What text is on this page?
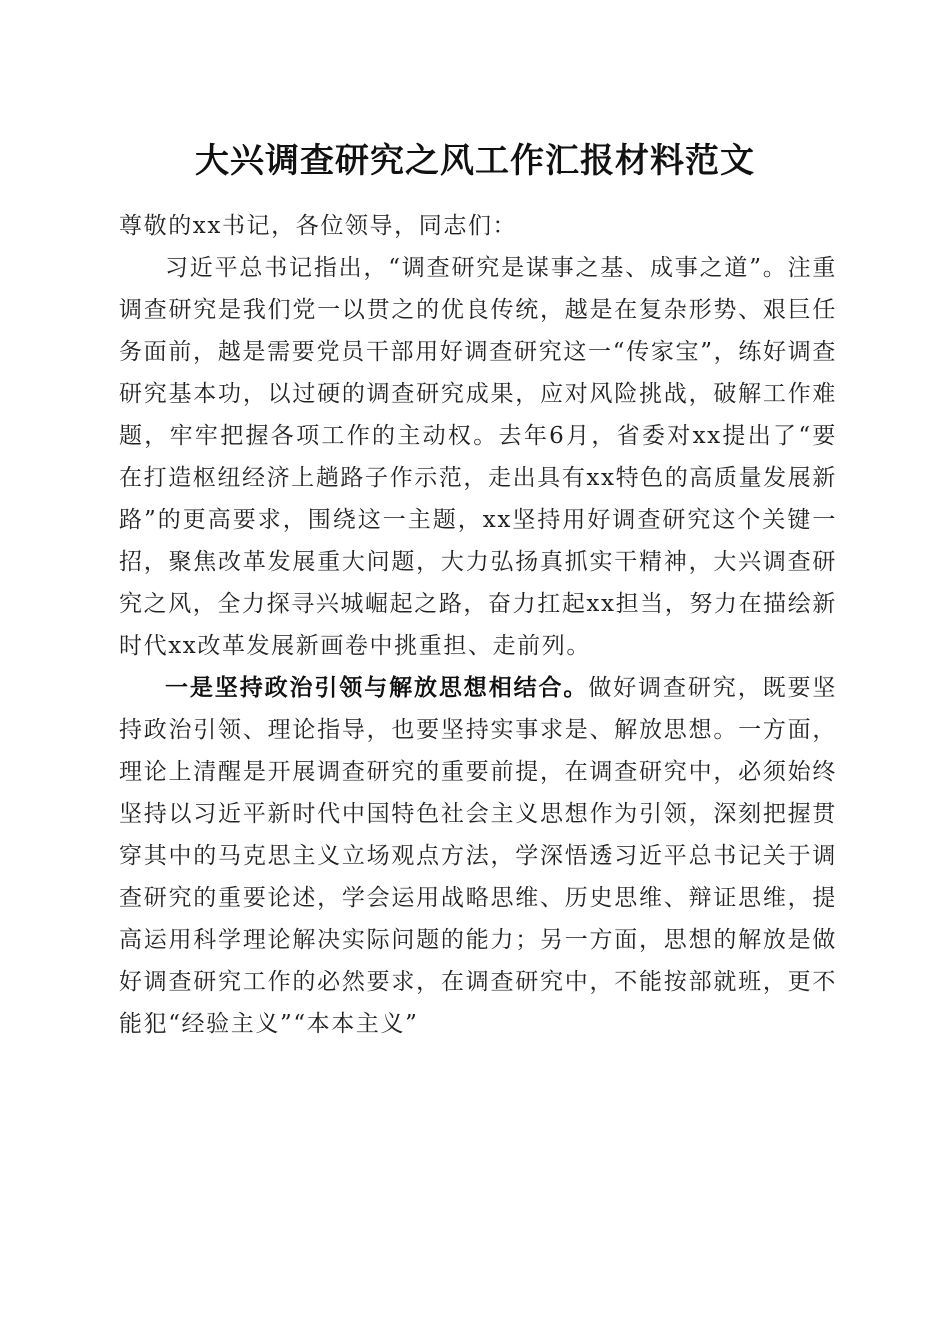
大兴调查研究之风工作汇报材料范文

尊敬的xx书记，各位领导，同志们：

习近平总书记指出，“调查研究是谋事之基、成事之道”。注重调查研究是我们党一以贯之的优良传统，越是在复杂形势、艰巨任务面前，越是需要党员干部用好调查研究这一“传家宝”，练好调查研究基本功，以过硬的调查研究成果，应对风险挑战，破解工作难题，牢牢把握各项工作的主动权。去年6月，省委对xx提出了“要在打造枢纽经济上趟路子作示范，走出具有xx特色的高质量发展新路”的更高要求，围绕这一主题，xx坚持用好调查研究这个关键一招，聚焦改革发展重大问题，大力弘扬真抓实干精神，大兴调查研究之风，全力探寻兴城崛起之路，奋力扛起xx担当，努力在描绘新时代xx改革发展新画卷中挑重担、走前列。

一是坚持政治引领与解放思想相结合。做好调查研究，既要坚持政治引领、理论指导，也要坚持实事求是、解放思想。一方面，理论上清醒是开展调查研究的重要前提，在调查研究中，必须始终坚持以习近平新时代中国特色社会主义思想作为引领，深刻把握贯穿其中的马克思主义立场观点方法，学深悟透习近平总书记关于调查研究的重要论述，学会运用战略思维、历史思维、辩证思维，提高运用科学理论解决实际问题的能力；另一方面，思想的解放是做好调查研究工作的必然要求，在调查研究中，不能按部就班，更不能犯“经验主义”“本本主义”
